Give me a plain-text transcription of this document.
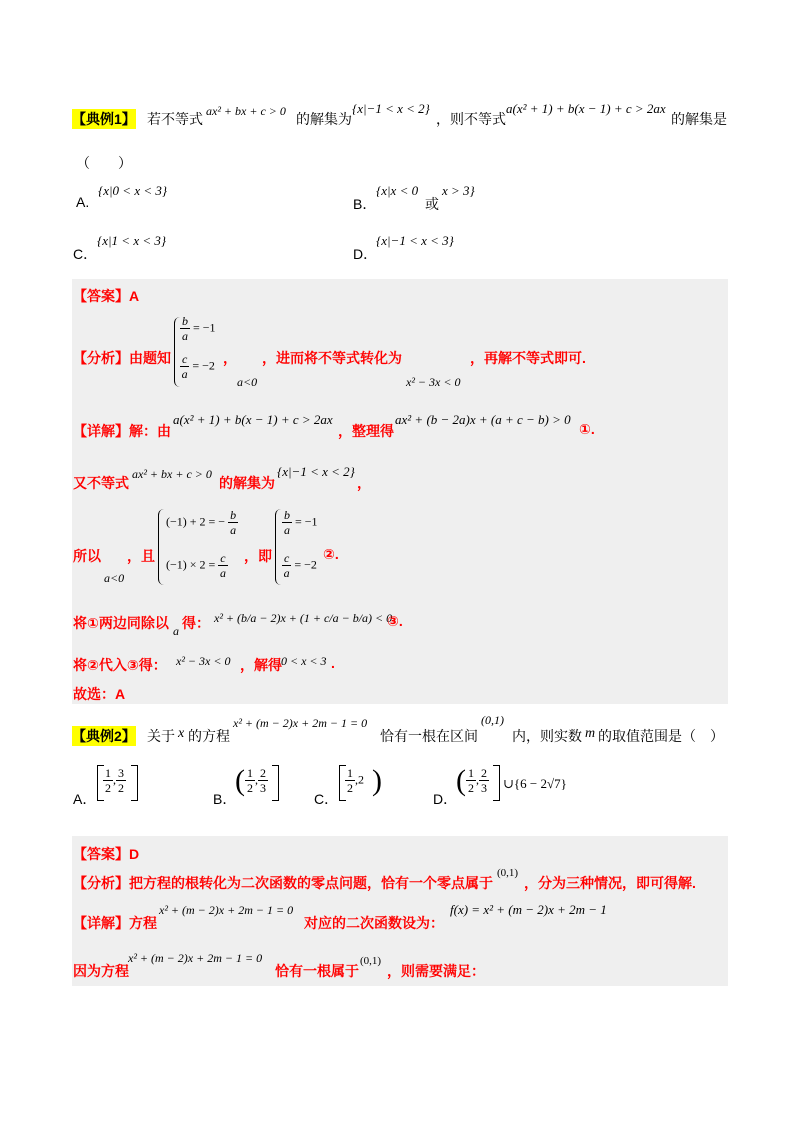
【典例1】 若不等式 ax² + bx + c > 0 的解集为
{x|−1 < x < 2}
，则不等式
a(x² + 1) + b(x − 1) + c > 2ax
的解集是
（　　）
A.
{x|0 < x < 3}
B．
{x|x < 0
或
x > 3}
C．
{x|1 < x < 3}
D．
{x|−1 < x < 3}
【答案】A
【分析】由题知
$\frac{b}{a} = -1$
$\frac{c}{a} = -2$ ，
a<0
，进而将不等式转化为
x² − 3x < 0
，再解不等式即可.
【详解】解：由
a(x² + 1) + b(x − 1) + c > 2ax
，整理得
ax² + (b − 2a)x + (a + c − b) > 0
①.
又不等式
ax² + bx + c > 0
的解集为
{x|−1 < x < 2}
，
所以
a<0
，且
(−1) + 2 = − $\frac{b}{a}$
$(-1) \times 2 = \frac{c}{a}$ ，即
$\frac{b}{a} = -1$
$\frac{c}{a} = -2$
②.
将①两边同除以 a 得： x² + (b/a − 2)x + (1 + c/a − b/a) < 0
③.
将②代入③得： x² − 3x < 0 ，解得 0 < x < 3 .
故选：A
【典例2】 关于 x 的方程
x² + (m − 2)x + 2m − 1 = 0
恰有一根在区间
(0,1)
内，则实数 m 的取值范围是（　）
A．
$\frac{1}{2}$ , $\frac{3}{2}$
B．
( $\frac{1}{2}$ , $\frac{2}{3}$
C．
$\frac{1}{2} ,2$ )
D．
( $\frac{1}{2}$ , $\frac{2}{3}$ ∪{6 − 2√7}
【答案】D
【分析】把方程的根转化为二次函数的零点问题，恰有一个零点属于
(0,1)
，分为三种情况，即可得解.
【详解】方程
x² + (m − 2)x + 2m − 1 = 0
对应的二次函数设为：
f(x) = x² + (m − 2)x + 2m − 1
因为方程
x² + (m − 2)x + 2m − 1 = 0
恰有一根属于
(0,1)
，则需要满足：
